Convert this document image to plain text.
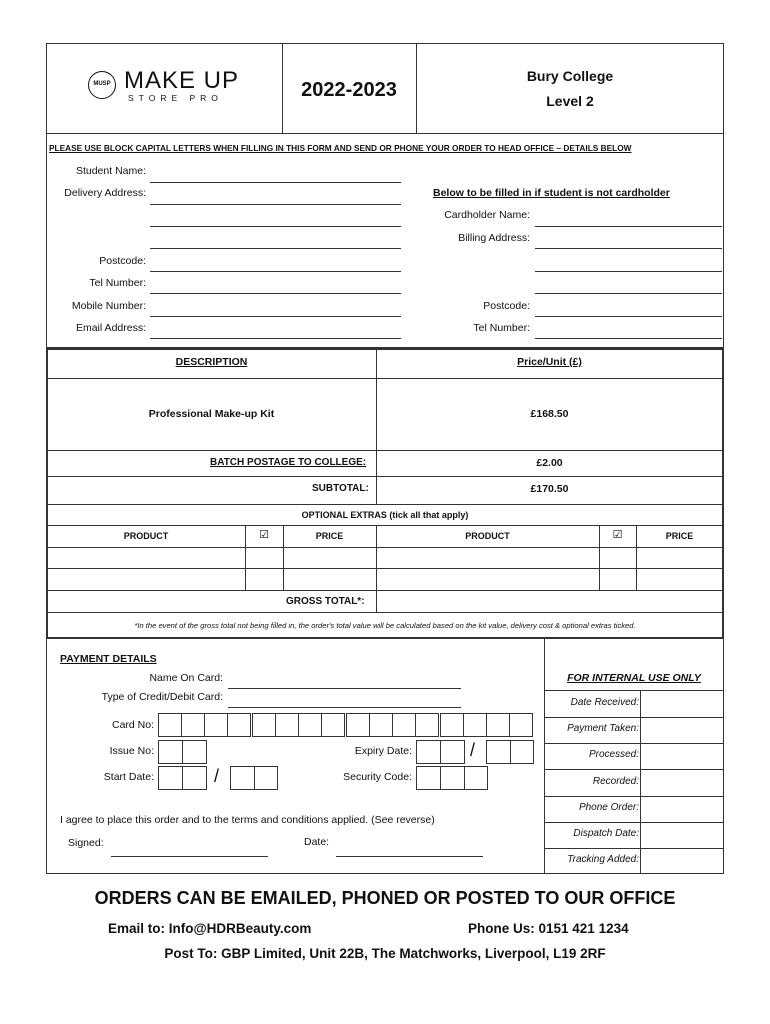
MUSP MAKE UP
STORE PRO	2022-2023
Bury College
Level 2
PLEASE USE BLOCK CAPITAL LETTERS WHEN FILLING IN THIS FORM AND SEND OR PHONE YOUR ORDER TO HEAD OFFICE – DETAILS BELOW
Student Name:
Delivery Address:
Postcode:
Tel Number:
Mobile Number:
Email Address:
Below to be filled in if student is not cardholder
Cardholder Name:
Billing Address:
Postcode:
Tel Number:
DESCRIPTION	Price/Unit (£)
Professional Make-up Kit	£168.50
BATCH POSTAGE TO COLLEGE:	£2.00
SUBTOTAL:	£170.50
OPTIONAL EXTRAS (tick all that apply)
PRODUCT	☑	PRICE	PRODUCT	☑	PRICE
GROSS TOTAL*:
*In the event of the gross total not being filled in, the order's total value will be calculated based on the kit value, delivery cost & optional extras ticked.
PAYMENT DETAILS
Name On Card:
Type of Credit/Debit Card:
Card No:
Issue No:	Expiry Date:	/
Start Date:	/	Security Code:
I agree to place this order and to the terms and conditions applied. (See reverse)
Signed:	Date:
FOR INTERNAL USE ONLY
Date Received:
Payment Taken:
Processed:
Recorded:
Phone Order:
Dispatch Date:
Tracking Added:
ORDERS CAN BE EMAILED, PHONED OR POSTED TO OUR OFFICE
Email to: Info@HDRBeauty.com	Phone Us: 0151 421 1234
Post To: GBP Limited, Unit 22B, The Matchworks, Liverpool, L19 2RF
